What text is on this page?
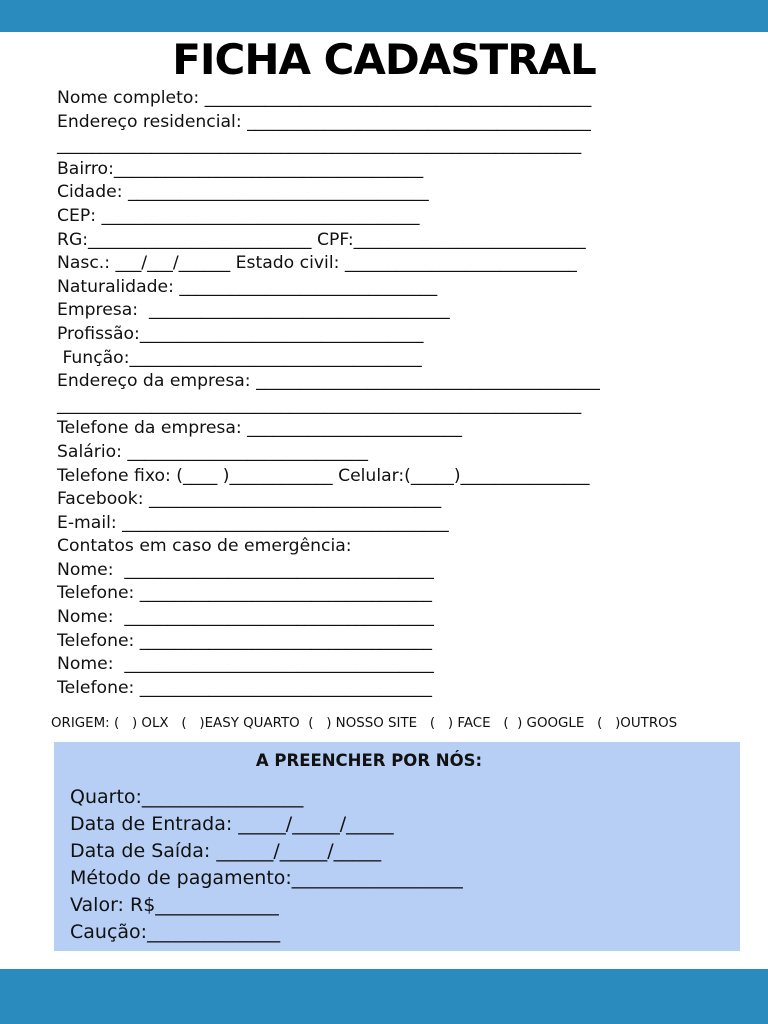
FICHA CADASTRAL
Nome completo: _____________________________________________
Endereço residencial: ________________________________________
_____________________________________________________________
Bairro:____________________________________
Cidade: ___________________________________
CEP: _____________________________________
RG:__________________________ CPF:___________________________
Nasc.: ___/___/______ Estado civil: ___________________________
Naturalidade: ______________________________
Empresa:  ___________________________________
Profissão:_________________________________
Função:__________________________________
Endereço da empresa: ________________________________________
_____________________________________________________________
Telefone da empresa: _________________________
Salário: ____________________________
Telefone fixo: (____ )____________ Celular:(_____)_______________
Facebook: __________________________________
E-mail: ______________________________________
Contatos em caso de emergência:
Nome:  ____________________________________
Telefone: __________________________________
Nome:  ____________________________________
Telefone: __________________________________
Nome:  ____________________________________
Telefone: __________________________________
ORIGEM: (   ) OLX   (   )EASY QUARTO  (   ) NOSSO SITE   (   ) FACE   (  ) GOOGLE   (   )OUTROS
A PREENCHER POR NÓS:
Quarto:_________________
Data de Entrada: _____/_____/_____
Data de Saída: ______/_____/_____
Método de pagamento:__________________
Valor: R$_____________
Caução:______________
